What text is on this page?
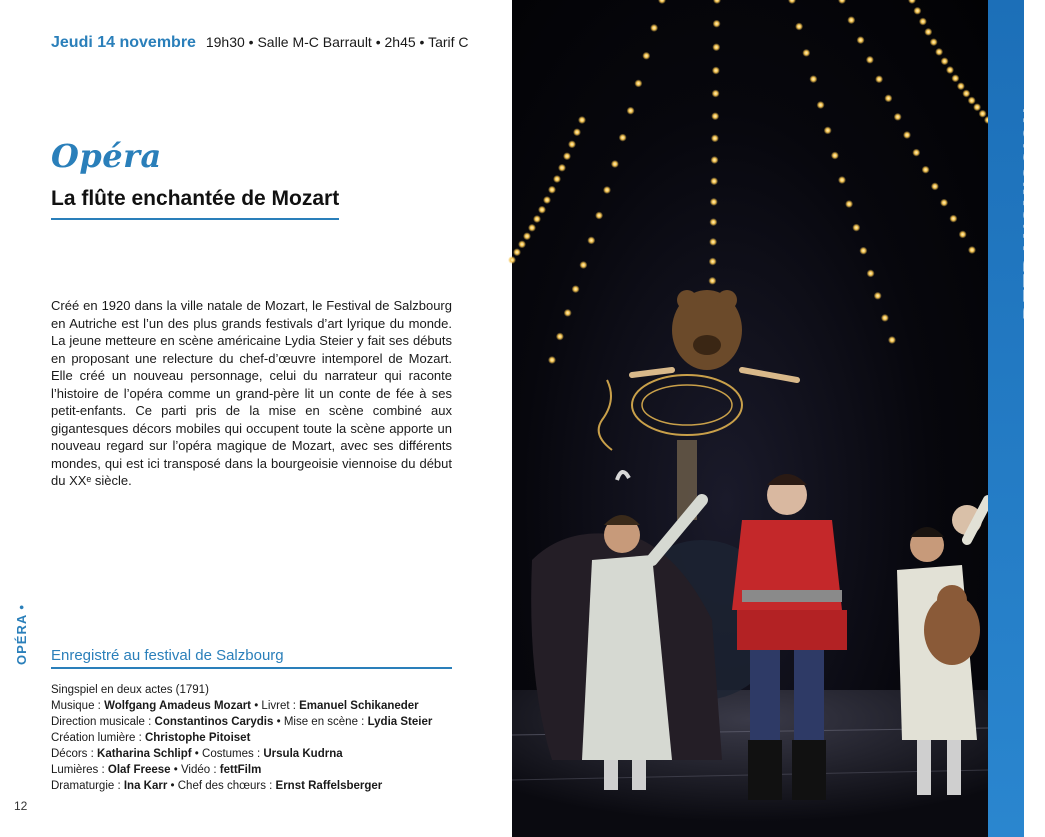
Jeudi 14 novembre 19h30 • Salle M-C Barrault • 2h45 • Tarif C
Opéra
La flûte enchantée de Mozart

Créé en 1920 dans la ville natale de Mozart, le Festival de Salzbourg en Autriche est l’un des plus grands festivals d’art lyrique du monde. La jeune metteure en scène américaine Lydia Steier y fait ses débuts en proposant une relecture du chef-d’œuvre intemporel de Mozart. Elle créé un nouveau personnage, celui du narrateur qui raconte l’histoire de l’opéra comme un grand-père lit un conte de fée à ses petit-enfants. Ce parti pris de la mise en scène combiné aux gigantesques décors mobiles qui occupent toute la scène apporte un nouveau regard sur l’opéra magique de Mozart, avec ses différents mondes, qui est ici transposé dans la bourgeoisie viennoise du début du XXᵉ siècle.

OPÉRA • Enregistré au festival de Salzbourg
Singspiel en deux actes (1791)
Musique : Wolfgang Amadeus Mozart • Livret : Emanuel Schikaneder
Direction musicale : Constantinos Carydis • Mise en scène : Lydia Steier
Création lumière : Christophe Pitoiset
Décors : Katharina Schlipf • Costumes : Ursula Kudrna
Lumières : Olaf Freese • Vidéo : fettFilm
Dramaturgie : Ina Karr • Chef des chœurs : Ernst Raffelsberger
12
RETRANSMISSION
